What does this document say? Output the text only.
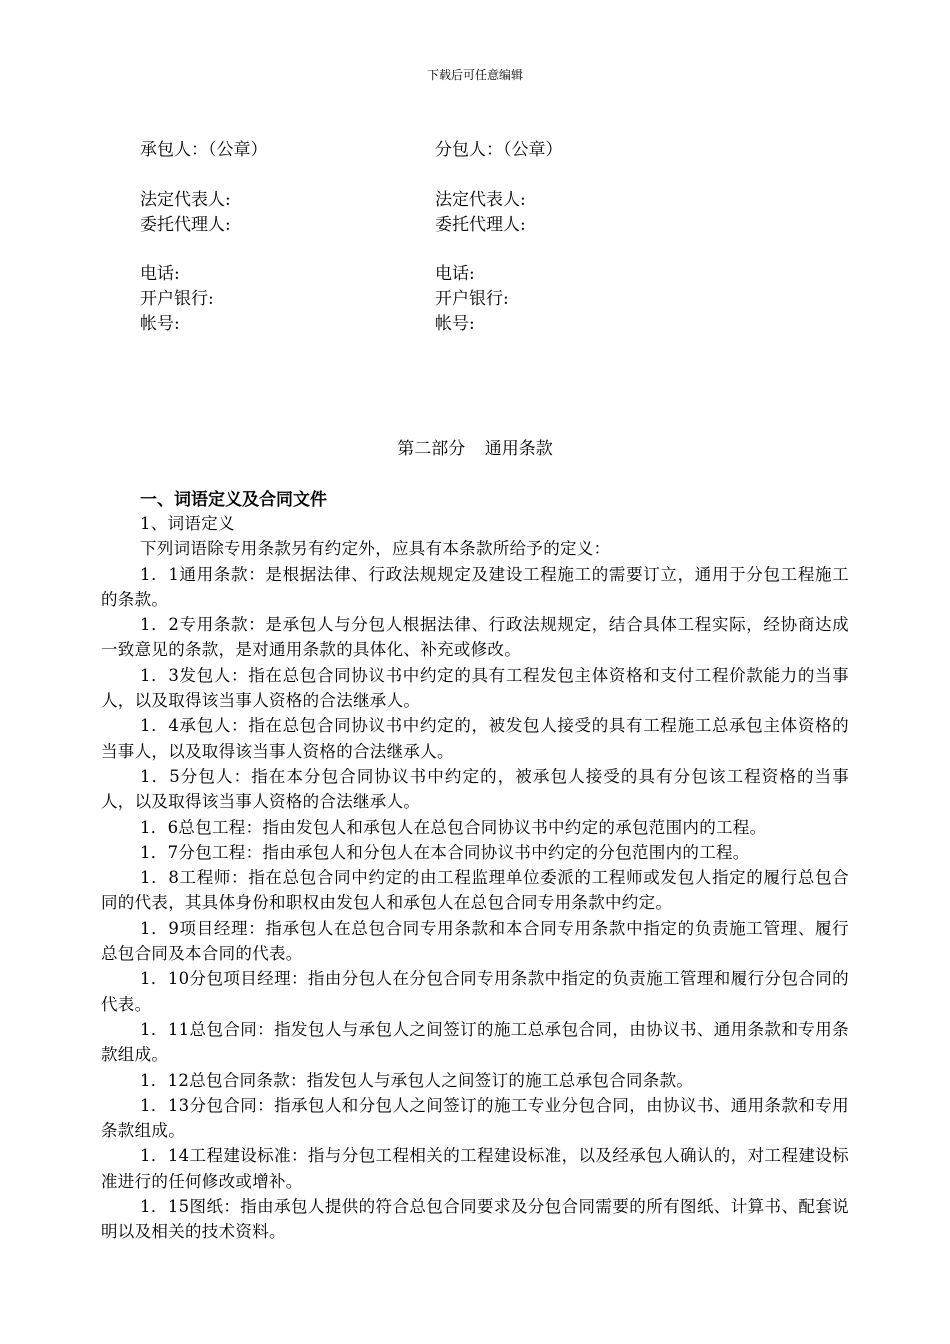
下载后可任意编辑
承包人：（公章）	分包人：（公章）
法定代表人:	法定代表人:
委托代理人:	委托代理人:
电话:	电话:
开户银行:	开户银行:
帐号:	帐号:
第二部分 通用条款
一、词语定义及合同文件

1、词语定义

下列词语除专用条款另有约定外，应具有本条款所给予的定义：

1．1通用条款：是根据法律、行政法规规定及建设工程施工的需要订立，通用于分包工程施工的条款。

1．2专用条款：是承包人与分包人根据法律、行政法规规定，结合具体工程实际，经协商达成一致意见的条款，是对通用条款的具体化、补充或修改。

1．3发包人：指在总包合同协议书中约定的具有工程发包主体资格和支付工程价款能力的当事人，以及取得该当事人资格的合法继承人。

1．4承包人：指在总包合同协议书中约定的，被发包人接受的具有工程施工总承包主体资格的当事人，以及取得该当事人资格的合法继承人。

1．5分包人：指在本分包合同协议书中约定的，被承包人接受的具有分包该工程资格的当事人，以及取得该当事人资格的合法继承人。

1．6总包工程：指由发包人和承包人在总包合同协议书中约定的承包范围内的工程。

1．7分包工程：指由承包人和分包人在本合同协议书中约定的分包范围内的工程。

1．8工程师：指在总包合同中约定的由工程监理单位委派的工程师或发包人指定的履行总包合同的代表，其具体身份和职权由发包人和承包人在总包合同专用条款中约定。

1．9项目经理：指承包人在总包合同专用条款和本合同专用条款中指定的负责施工管理、履行总包合同及本合同的代表。

1．10分包项目经理：指由分包人在分包合同专用条款中指定的负责施工管理和履行分包合同的代表。

1．11总包合同：指发包人与承包人之间签订的施工总承包合同，由协议书、通用条款和专用条款组成。

1．12总包合同条款：指发包人与承包人之间签订的施工总承包合同条款。

1．13分包合同：指承包人和分包人之间签订的施工专业分包合同，由协议书、通用条款和专用条款组成。

1．14工程建设标准：指与分包工程相关的工程建设标准，以及经承包人确认的，对工程建设标准进行的任何修改或增补。

1．15图纸：指由承包人提供的符合总包合同要求及分包合同需要的所有图纸、计算书、配套说明以及相关的技术资料。
